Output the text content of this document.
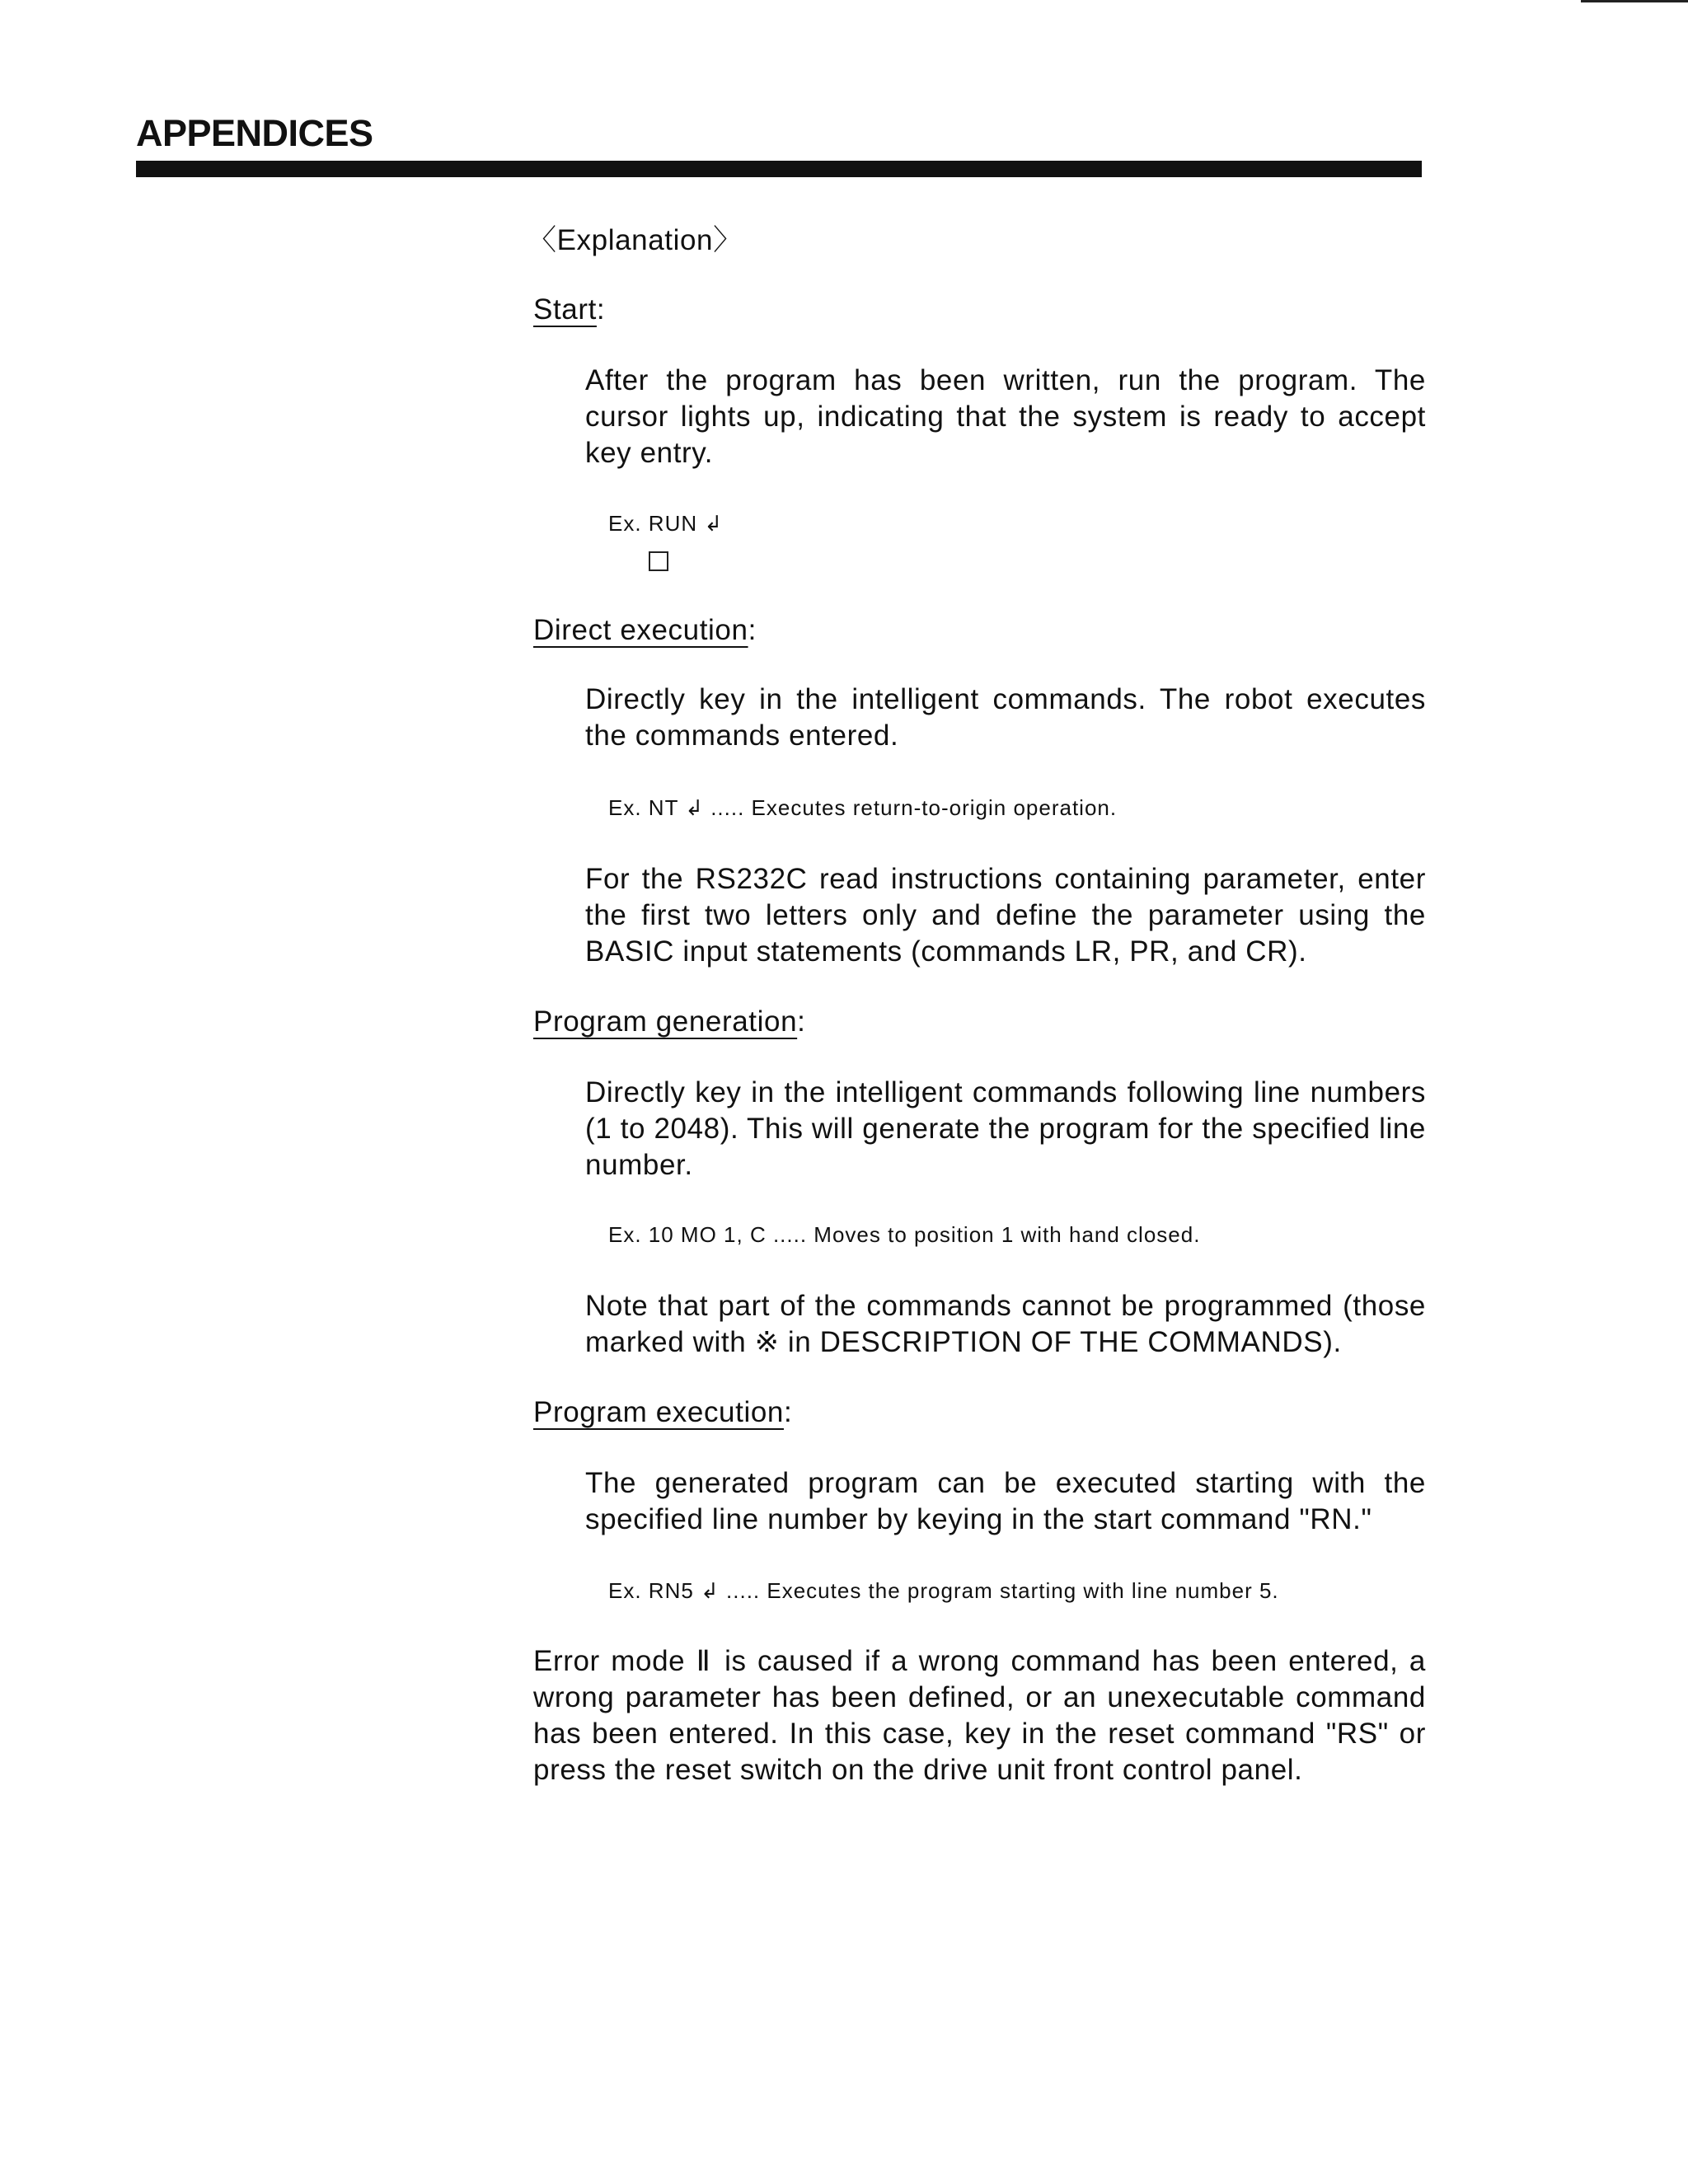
APPENDICES

〈Explanation〉

Start:

After the program has been written, run the program. The cursor lights up, indicating that the system is ready to accept key entry.

Ex. RUN ↲

Direct execution:

Directly key in the intelligent commands. The robot executes the commands entered.

Ex. NT ↲ ..... Executes return-to-origin operation.

For the RS232C read instructions containing parameter, enter the first two letters only and define the parameter using the BASIC input statements (commands LR, PR, and CR).

Program generation:

Directly key in the intelligent commands following line numbers (1 to 2048). This will generate the program for the specified line number.

Ex. 10 MO 1, C ..... Moves to position 1 with hand closed.

Note that part of the commands cannot be programmed (those marked with ※ in DESCRIPTION OF THE COMMANDS).

Program execution:

The generated program can be executed starting with the specified line number by keying in the start command "RN."

Ex. RN5 ↲ ..... Executes the program starting with line number 5.

Error mode Ⅱ is caused if a wrong command has been entered, a wrong parameter has been defined, or an unexecutable command has been entered. In this case, key in the reset command "RS" or press the reset switch on the drive unit front control panel.
